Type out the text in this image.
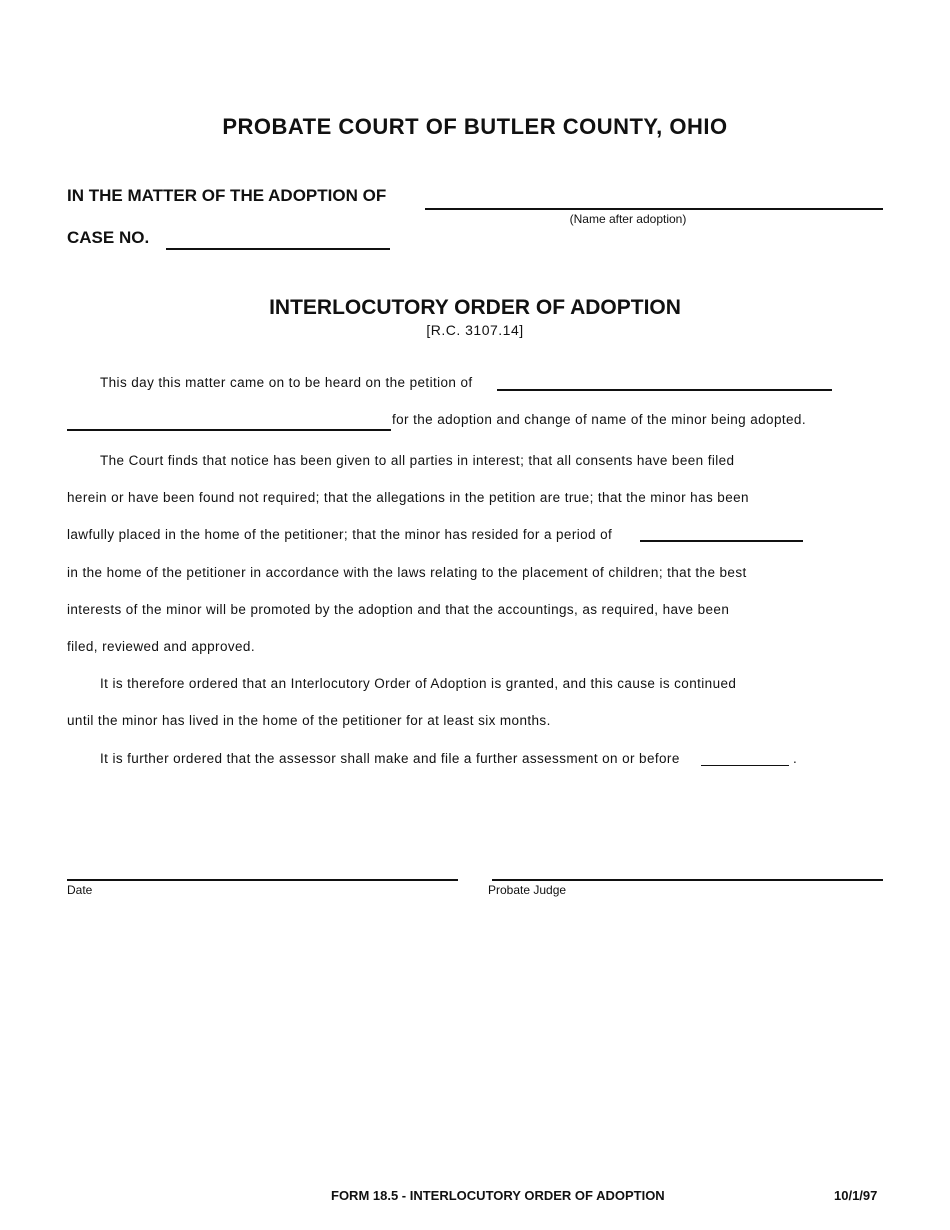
PROBATE COURT OF BUTLER COUNTY, OHIO
IN THE MATTER OF THE ADOPTION OF
(Name after adoption)
CASE NO.
INTERLOCUTORY ORDER OF ADOPTION
[R.C. 3107.14]
This day this matter came on to be heard on the petition of
for the adoption and change of name of the minor being adopted.
The Court finds that notice has been given to all parties in interest; that all consents have been filed
herein or have been found not required; that the allegations in the petition are true; that the minor has been
lawfully placed in the home of the petitioner; that the minor has resided for a period of
in the home of the petitioner in accordance with the laws relating to the placement of children; that the best
interests of the minor will be promoted by the adoption and that the accountings, as required, have been
filed, reviewed and approved.
It is therefore ordered that an Interlocutory Order of Adoption is granted, and this cause is continued
until the minor has lived in the home of the petitioner for at least six months.
It is further ordered that the assessor shall make and file a further assessment on or before	.
Date	Probate Judge
FORM 18.5 - INTERLOCUTORY ORDER OF ADOPTION	10/1/97
